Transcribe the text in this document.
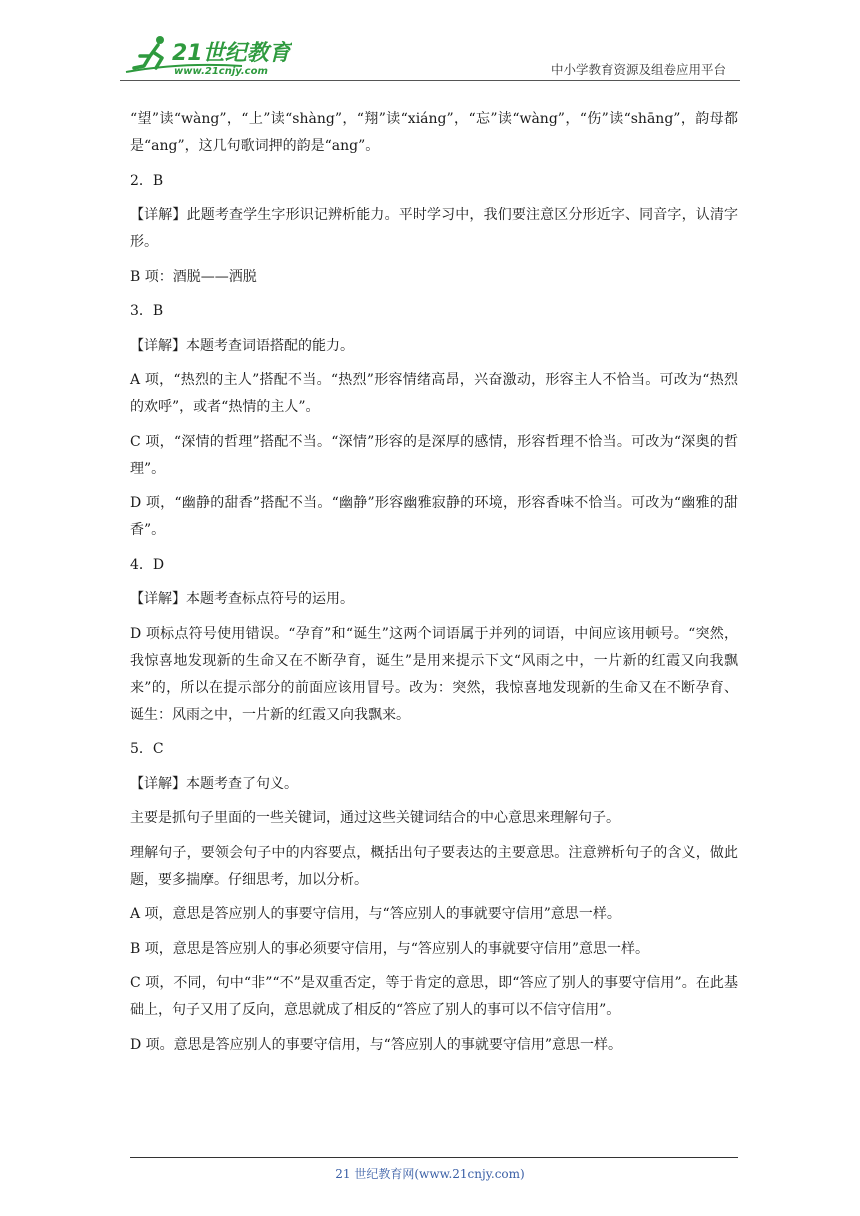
21世纪教育
www.21cnjy.com	中小学教育资源及组卷应用平台

“望”读“wàng”，“上”读“shàng”，“翔”读“xiáng”，“忘”读“wàng”，“伤”读“shāng”，韵母都是“ang”，这几句歌词押的韵是“ang”。

2．B

【详解】此题考查学生字形识记辨析能力。平时学习中，我们要注意区分形近字、同音字，认清字形。

B 项：酒脱——洒脱

3．B

【详解】本题考查词语搭配的能力。

A 项，“热烈的主人”搭配不当。“热烈”形容情绪高昂，兴奋激动，形容主人不恰当。可改为“热烈的欢呼”，或者“热情的主人”。

C 项，“深情的哲理”搭配不当。“深情”形容的是深厚的感情，形容哲理不恰当。可改为“深奥的哲理”。

D 项，“幽静的甜香”搭配不当。“幽静”形容幽雅寂静的环境，形容香味不恰当。可改为“幽雅的甜香”。

4．D

【详解】本题考查标点符号的运用。

D 项标点符号使用错误。“孕育”和“诞生”这两个词语属于并列的词语，中间应该用顿号。“突然，我惊喜地发现新的生命又在不断孕育，诞生”是用来提示下文“风雨之中，一片新的红霞又向我飘来”的，所以在提示部分的前面应该用冒号。改为：突然，我惊喜地发现新的生命又在不断孕育、诞生：风雨之中，一片新的红霞又向我飘来。

5．C

【详解】本题考查了句义。

主要是抓句子里面的一些关键词，通过这些关键词结合的中心意思来理解句子。

理解句子，要领会句子中的内容要点，概括出句子要表达的主要意思。注意辨析句子的含义，做此题，要多揣摩。仔细思考，加以分析。

A 项，意思是答应别人的事要守信用，与“答应别人的事就要守信用”意思一样。

B 项，意思是答应别人的事必须要守信用，与“答应别人的事就要守信用”意思一样。

C 项，不同，句中“非”“不”是双重否定，等于肯定的意思，即“答应了别人的事要守信用”。在此基础上，句子又用了反向，意思就成了相反的“答应了别人的事可以不信守信用”。

D 项。意思是答应别人的事要守信用，与“答应别人的事就要守信用”意思一样。

21 世纪教育网(www.21cnjy.com)
